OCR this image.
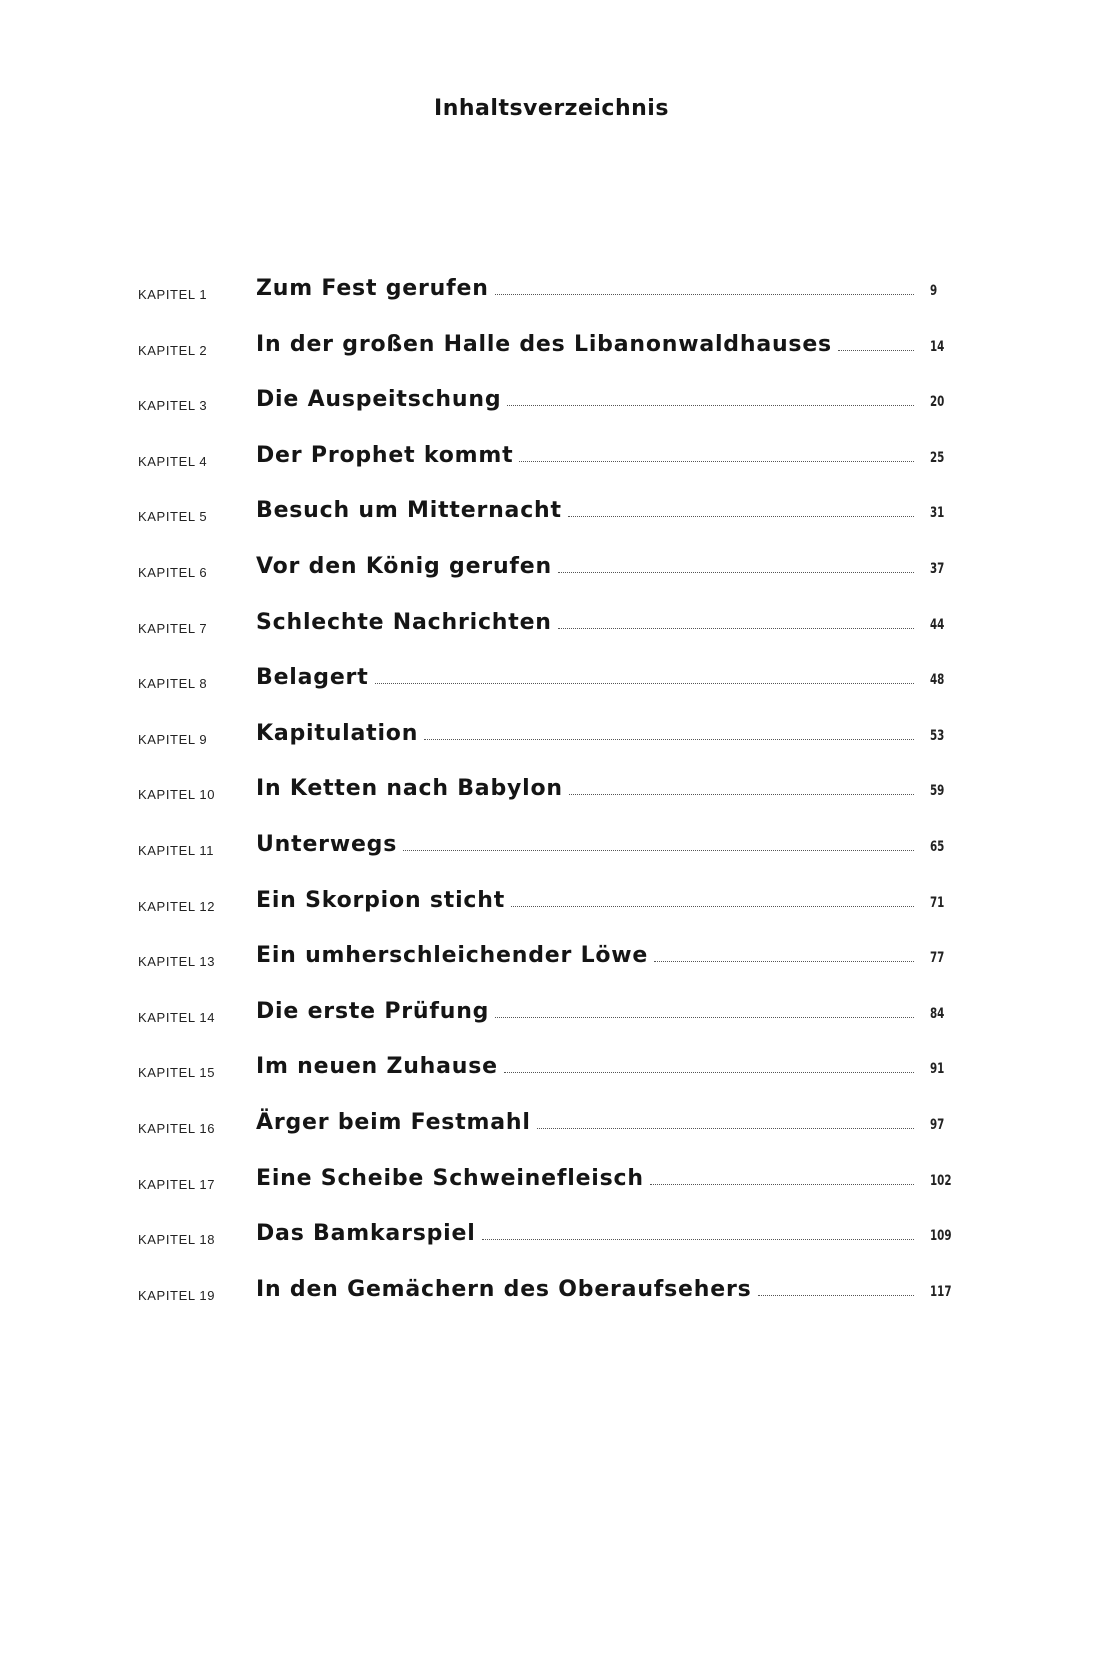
Inhaltsverzeichnis
KAPITEL 1 Zum Fest gerufen	9
KAPITEL 2 In der großen Halle des Libanonwaldhauses	14
KAPITEL 3 Die Auspeitschung	20
KAPITEL 4 Der Prophet kommt	25
KAPITEL 5 Besuch um Mitternacht	31
KAPITEL 6 Vor den König gerufen	37
KAPITEL 7 Schlechte Nachrichten	44
KAPITEL 8 Belagert	48
KAPITEL 9 Kapitulation	53
KAPITEL 10 In Ketten nach Babylon	59
KAPITEL 11 Unterwegs	65
KAPITEL 12 Ein Skorpion sticht	71
KAPITEL 13 Ein umherschleichender Löwe	77
KAPITEL 14 Die erste Prüfung	84
KAPITEL 15 Im neuen Zuhause	91
KAPITEL 16 Ärger beim Festmahl	97
KAPITEL 17 Eine Scheibe Schweinefleisch	102
KAPITEL 18 Das Bamkarspiel	109
KAPITEL 19 In den Gemächern des Oberaufsehers	117
